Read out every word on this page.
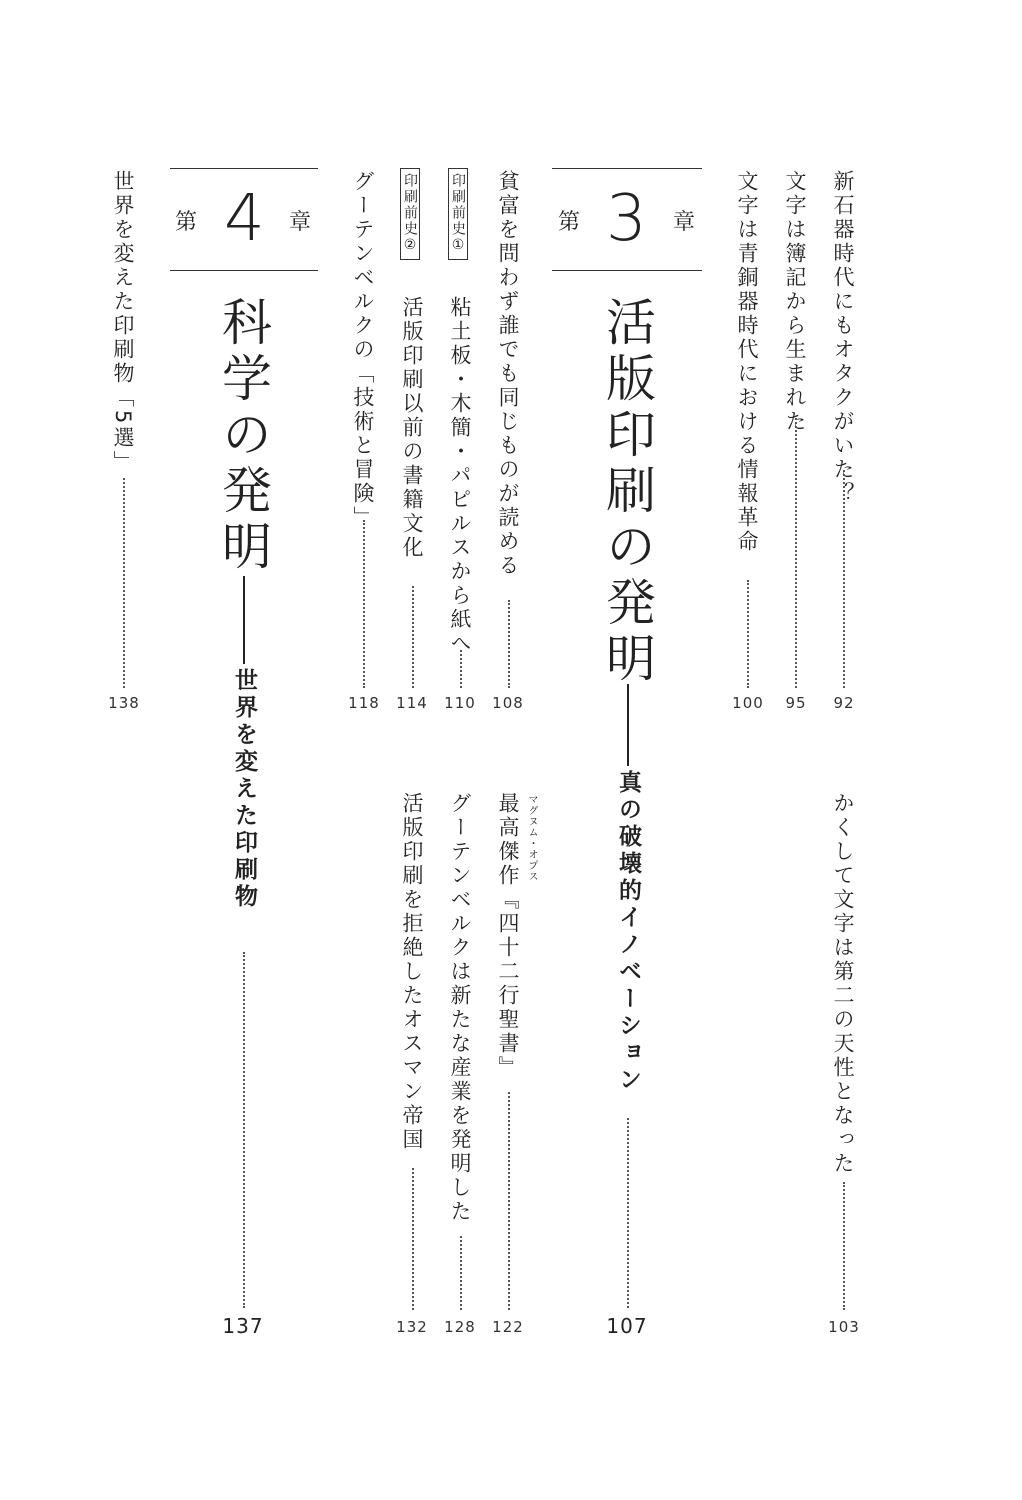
新石器時代にもオタクがいた？
92
文字は簿記から生まれた
95
文字は青銅器時代における情報革命
100
かくして文字は第二の天性となった
103
第 3 章
活版印刷の発明
真の破壊的イノベーション
107
貧富を問わず誰でも同じものが読める
108
印刷前史①
粘土板・木簡・パピルスから紙へ
110
印刷前史②
活版印刷以前の書籍文化
114
グーテンベルクの「技術と冒険」
118
マグヌム・オプス
最高傑作『四十二行聖書』
122
グーテンベルクは新たな産業を発明した
128
活版印刷を拒絶したオスマン帝国
132
第 4 章
科学の発明
世界を変えた印刷物
137
世界を変えた印刷物「5選」
138
